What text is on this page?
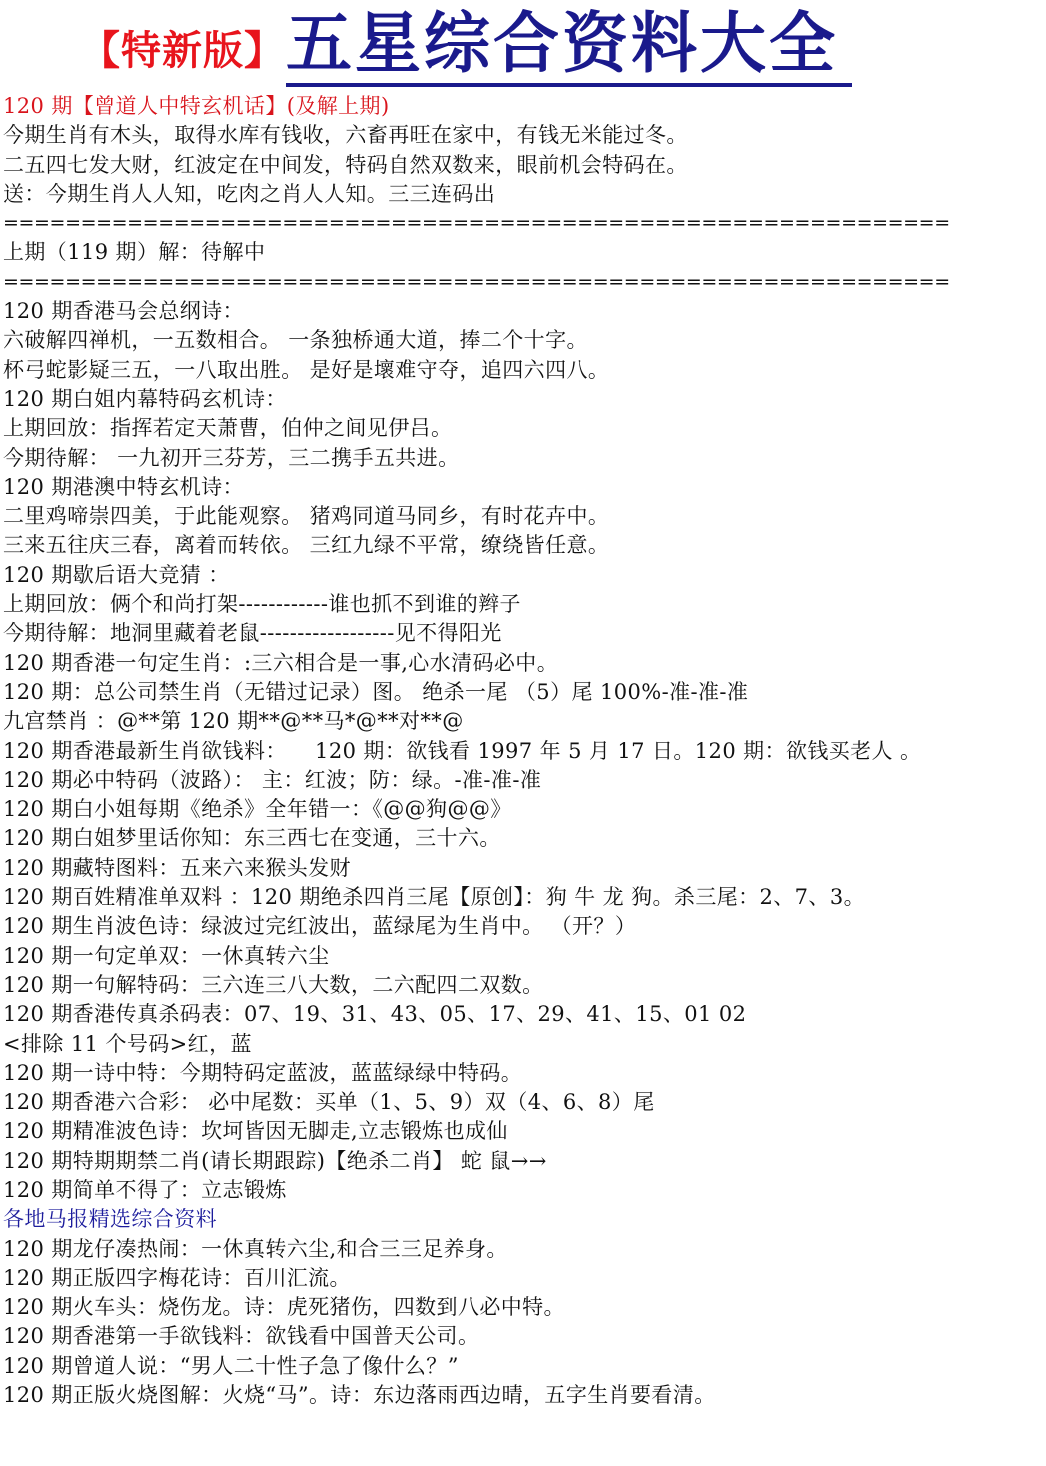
【特新版】 五星综合资料大全
120 期【曾道人中特玄机话】(及解上期)
今期生肖有木头，取得水库有钱收，六畜再旺在家中，有钱无米能过冬。
二五四七发大财，红波定在中间发，特码自然双数来，眼前机会特码在。
送：今期生肖人人知，吃肉之肖人人知。三三连码出
=============================================================
上期（119 期）解：待解中
=============================================================
120 期香港马会总纲诗：
六破解四禅机，一五数相合。 一条独桥通大道，捧二个十字。
杯弓蛇影疑三五，一八取出胜。 是好是壞难守夺，追四六四八。
120 期白姐内幕特码玄机诗：
上期回放：指挥若定天萧曹，伯仲之间见伊吕。
今期待解： 一九初开三芬芳，三二携手五共进。
120 期港澳中特玄机诗：
二里鸡啼崇四美，于此能观察。 猪鸡同道马同乡，有时花卉中。
三来五往庆三春，离着而转依。 三红九绿不平常，缭绕皆任意。
120 期歇后语大竞猜 ：
上期回放：俩个和尚打架------------谁也抓不到谁的辫子
今期待解：地洞里藏着老鼠------------------见不得阳光
120 期香港一句定生肖：:三六相合是一事,心水清码必中。
120 期：总公司禁生肖（无错过记录）图。 绝杀一尾 （5）尾 100%-准-准-准
九宫禁肖 ：@**第 120 期**@**马*@**对**@
120 期香港最新生肖欲钱料：    120 期：欲钱看 1997 年 5 月 17 日。120 期：欲钱买老人 。
120 期必中特码（波路）： 主：红波；防：绿。-准-准-准
120 期白小姐每期《绝杀》全年错一：《@@狗@@》
120 期白姐梦里话你知：东三西七在变通，三十六。
120 期藏特图料：五来六来猴头发财
120 期百姓精准单双料 ：120 期绝杀四肖三尾【原创】：狗 牛 龙 狗。杀三尾：2、7、3。
120 期生肖波色诗：绿波过完红波出，蓝绿尾为生肖中。 （开？）
120 期一句定单双：一休真转六尘
120 期一句解特码：三六连三八大数，二六配四二双数。
120 期香港传真杀码表：07、19、31、43、05、17、29、41、15、01 02
<排除 11 个号码>红，蓝
120 期一诗中特：今期特码定蓝波，蓝蓝绿绿中特码。
120 期香港六合彩： 必中尾数：买单（1、5、9）双（4、6、8）尾
120 期精准波色诗：坎坷皆因无脚走,立志锻炼也成仙
120 期特期期禁二肖(请长期跟踪)【绝杀二肖】 蛇 鼠→→
120 期简单不得了：立志锻炼
各地马报精选综合资料
120 期龙仔凑热闹：一休真转六尘,和合三三足养身。
120 期正版四字梅花诗：百川汇流。
120 期火车头：烧伤龙。诗：虎死猪伤，四数到八必中特。
120 期香港第一手欲钱料：欲钱看中国普天公司。
120 期曾道人说：“男人二十性子急了像什么？”
120 期正版火烧图解：火烧“马”。诗：东边落雨西边晴，五字生肖要看清。
